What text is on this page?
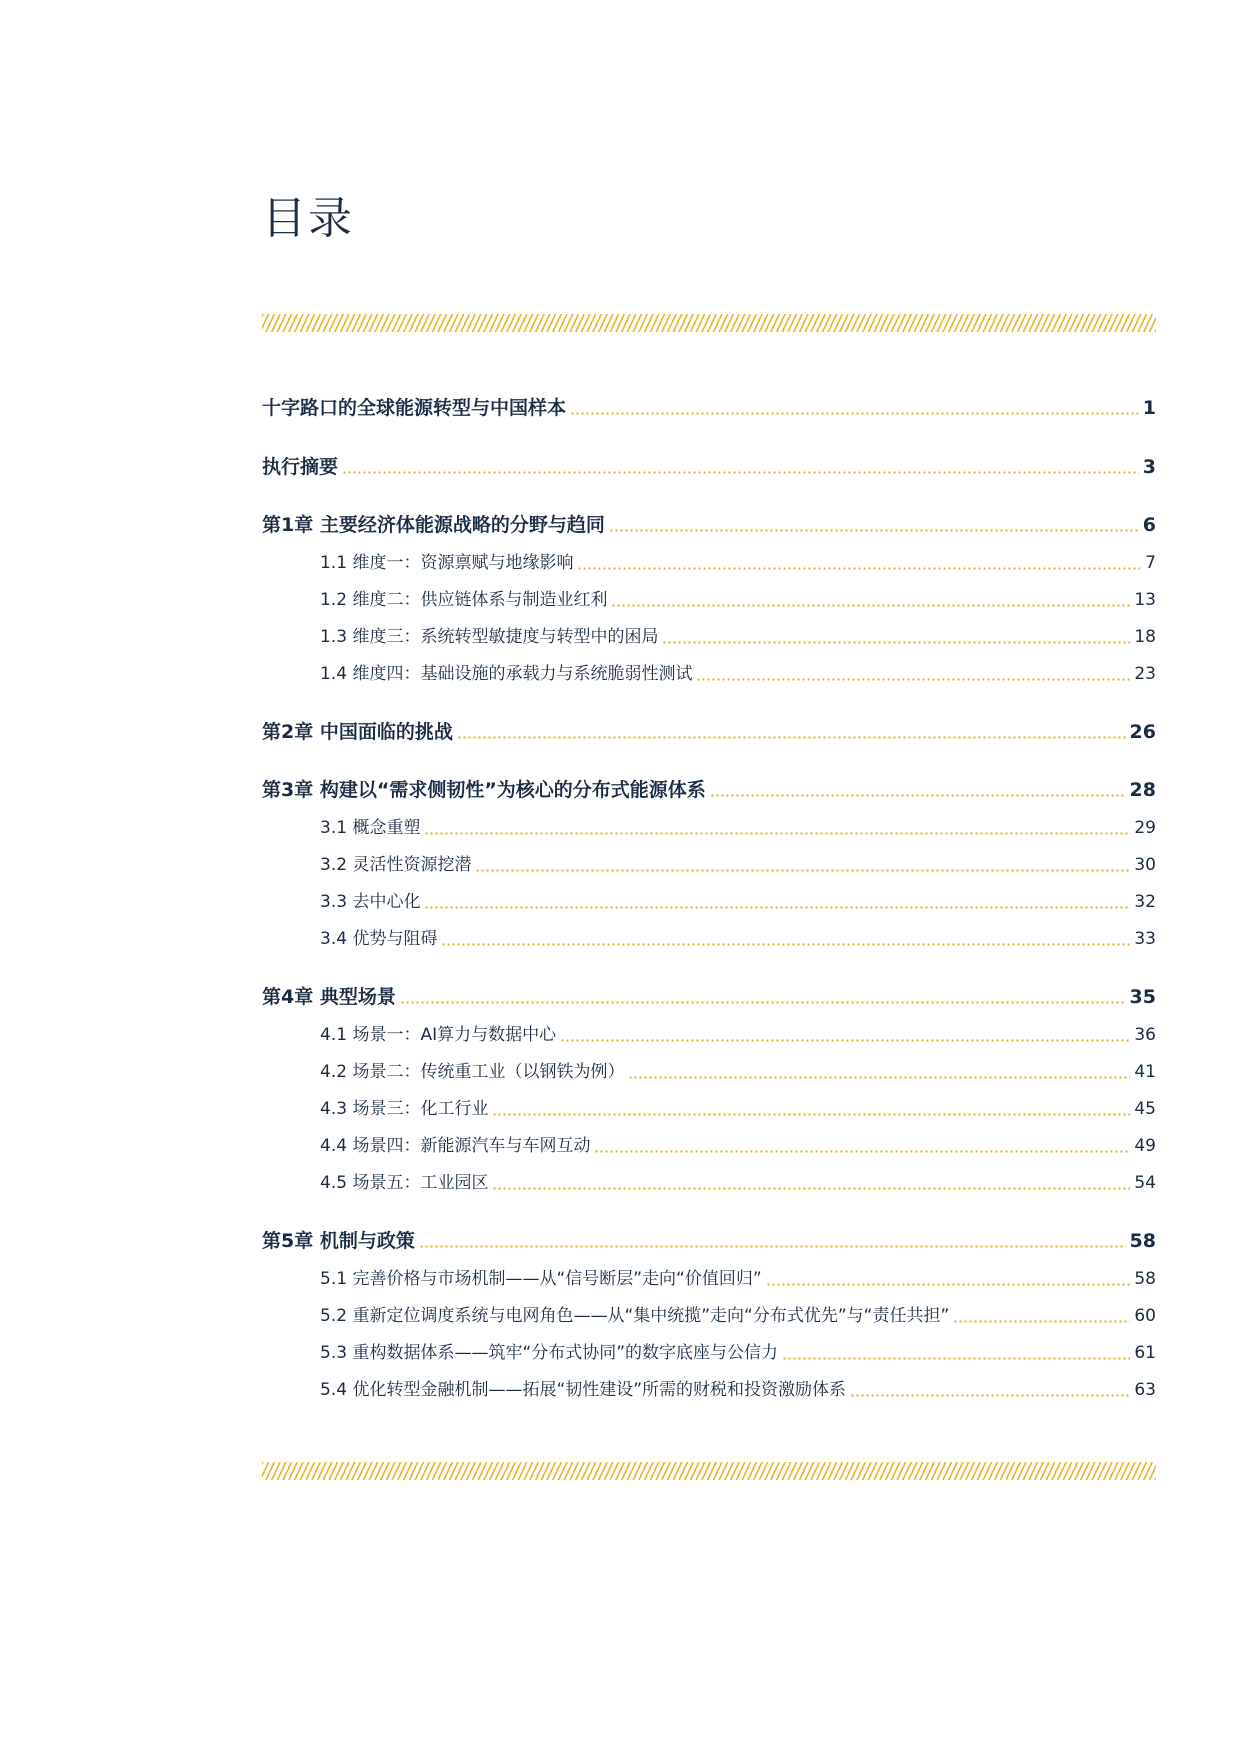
目录
十字路口的全球能源转型与中国样本	1
执行摘要	3
第1章 主要经济体能源战略的分野与趋同	6
1.1 维度一：资源禀赋与地缘影响	7
1.2 维度二：供应链体系与制造业红利	13
1.3 维度三：系统转型敏捷度与转型中的困局	18
1.4 维度四：基础设施的承载力与系统脆弱性测试	23
第2章 中国面临的挑战	26
第3章 构建以“需求侧韧性”为核心的分布式能源体系	28
3.1 概念重塑	29
3.2 灵活性资源挖潜	30
3.3 去中心化	32
3.4 优势与阻碍	33
第4章 典型场景	35
4.1 场景一：AI算力与数据中心	36
4.2 场景二：传统重工业（以钢铁为例）	41
4.3 场景三：化工行业	45
4.4 场景四：新能源汽车与车网互动	49
4.5 场景五：工业园区	54
第5章 机制与政策	58
5.1 完善价格与市场机制——从“信号断层”走向“价值回归”	58
5.2 重新定位调度系统与电网角色——从“集中统揽”走向“分布式优先”与“责任共担”	60
5.3 重构数据体系——筑牢“分布式协同”的数字底座与公信力	61
5.4 优化转型金融机制——拓展“韧性建设”所需的财税和投资激励体系	63
